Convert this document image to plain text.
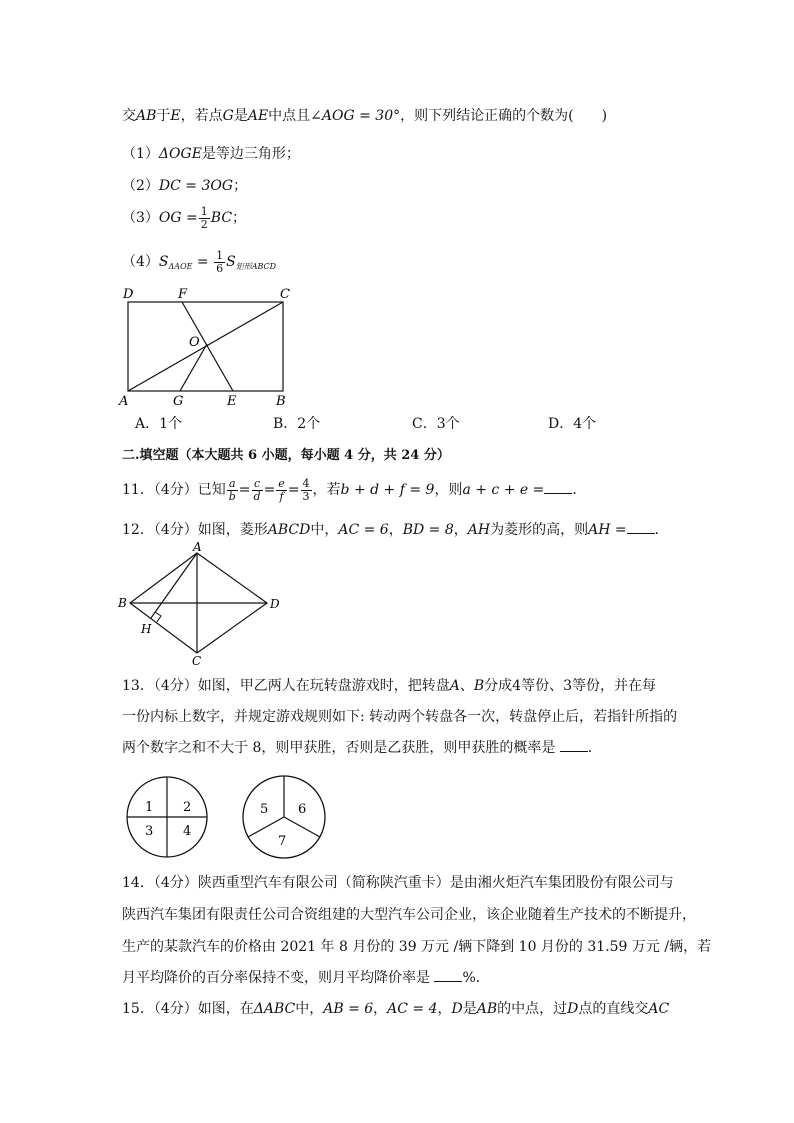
交AB于E，若点G是AE中点且∠AOG = 30°，则下列结论正确的个数为(　　)
（1）ΔOGE是等边三角形；
（2）DC = 3OG；
$(3)OG = \frac{1}{2}$ BC；
$(4)S_{\Delta AOE} = \frac{1}{6} S_{矩形ABCD}$
D	F	C
O
A	G	E	B
A．1个	B．2个	C．3个	D．4个
二.填空题（本大题共 6 小题，每小题 4 分，共 24 分）
11．（4分）已知 $\frac{a}{b} = \frac{c}{d} = \frac{e}{f} = \frac{4}{3}$ ，若b + d + f = 9，则a + c + e = ．
12．（4分）如图，菱形ABCD中，AC = 6，BD = 8，AH为菱形的高，则AH = ．
A
B
C
D
H
13．（4分）如图，甲乙两人在玩转盘游戏时，把转盘A、B分成4等份、3等份，并在每
一份内标上数字，并规定游戏规则如下: 转动两个转盘各一次，转盘停止后，若指针所指的
两个数字之和不大于 8，则甲获胜，否则是乙获胜，则甲获胜的概率是 ．
1 2
3 4
5 6
7
14．（4分）陕西重型汽车有限公司（简称陕汽重卡）是由湘火炬汽车集团股份有限公司与
陕西汽车集团有限责任公司合资组建的大型汽车公司企业，该企业随着生产技术的不断提升，
生产的某款汽车的价格由 2021 年 8 月份的 39 万元 /辆下降到 10 月份的 31.59 万元 /辆，若
月平均降价的百分率保持不变，则月平均降价率是 %．
15．（4分）如图，在ΔABC中，AB = 6，AC = 4，D是AB的中点，过D点的直线交AC
